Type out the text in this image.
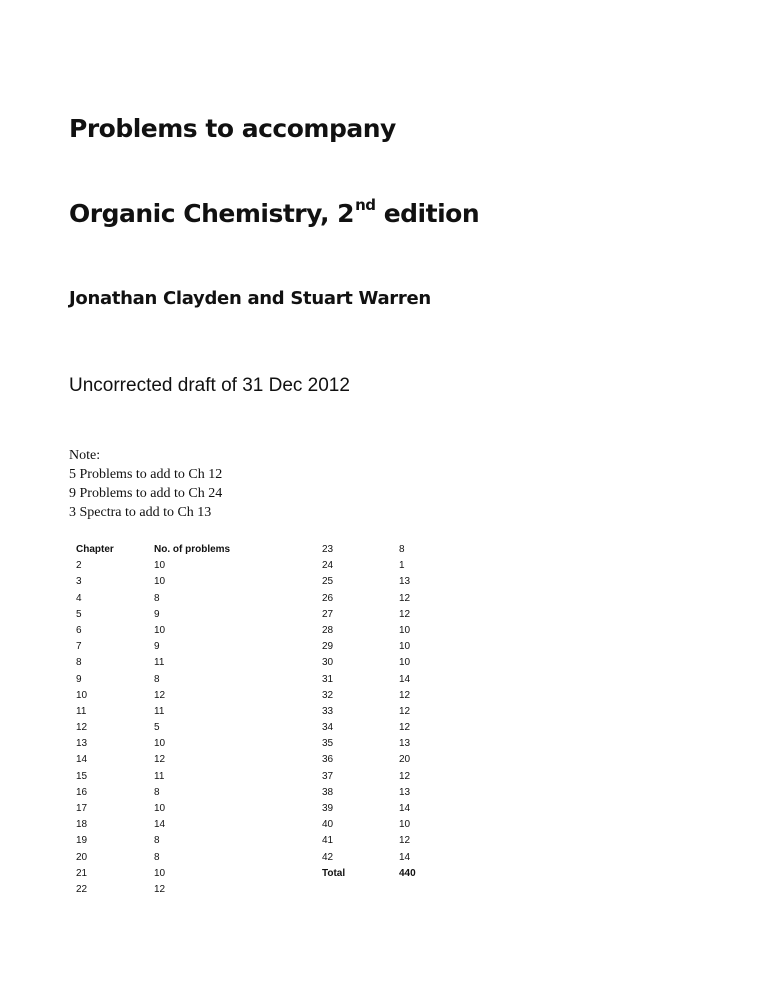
Problems to accompany
Organic Chemistry, 2nd edition
Jonathan Clayden and Stuart Warren

Uncorrected draft of 31 Dec 2012

Note:
5 Problems to add to Ch 12
9 Problems to add to Ch 24
3 Spectra to add to Ch 13
Chapter
2
3
4
5
6
7
8
9
10
11
12
13
14
15
16
17
18
19
20
21
22
No. of problems
10
10
8
9
10
9
11
8
12
11
5
10
12
11
8
10
14
8
8
10
12
23
24
25
26
27
28
29
30
31
32
33
34
35
36
37
38
39
40
41
42
Total
8
1
13
12
12
10
10
10
14
12
12
12
13
20
12
13
14
10
12
14
440
